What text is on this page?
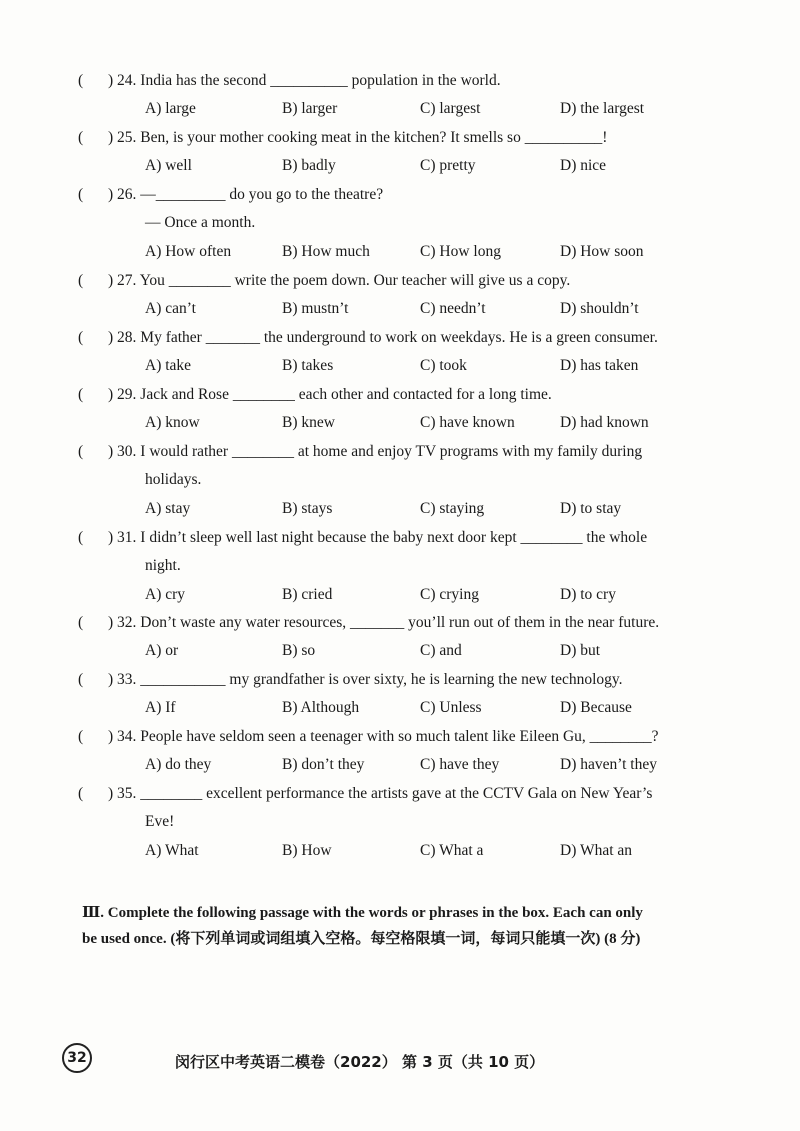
( ) 24. India has the second __________ population in the world.
A) large	B) larger	C) largest	D) the largest
( ) 25. Ben, is your mother cooking meat in the kitchen? It smells so __________!
A) well	B) badly	C) pretty	D) nice
( ) 26. —_________ do you go to the theatre?
— Once a month.
A) How often	B) How much	C) How long	D) How soon
( ) 27. You ________ write the poem down. Our teacher will give us a copy.
A) can’t	B) mustn’t	C) needn’t	D) shouldn’t
( ) 28. My father _______ the underground to work on weekdays. He is a green consumer.
A) take	B) takes	C) took	D) has taken
( ) 29. Jack and Rose ________ each other and contacted for a long time.
A) know	B) knew	C) have known	D) had known
( ) 30. I would rather ________ at home and enjoy TV programs with my family during
holidays.
A) stay	B) stays	C) staying	D) to stay
( ) 31. I didn’t sleep well last night because the baby next door kept ________ the whole
night.
A) cry	B) cried	C) crying	D) to cry
( ) 32. Don’t waste any water resources, _______ you’ll run out of them in the near future.
A) or	B) so	C) and	D) but
( ) 33. ___________ my grandfather is over sixty, he is learning the new technology.
A) If	B) Although	C) Unless	D) Because
( ) 34. People have seldom seen a teenager with so much talent like Eileen Gu, ________?
A) do they	B) don’t they	C) have they	D) haven’t they
( ) 35. ________ excellent performance the artists gave at the CCTV Gala on New Year’s
Eve!
A) What	B) How	C) What a	D) What an
Ⅲ. Complete the following passage with the words or phrases in the box. Each can only
be used once. (将下列单词或词组填入空格。每空格限填一词，每词只能填一次) (8 分)
32	闵行区中考英语二模卷（2022） 第 3 页（共 10 页）
